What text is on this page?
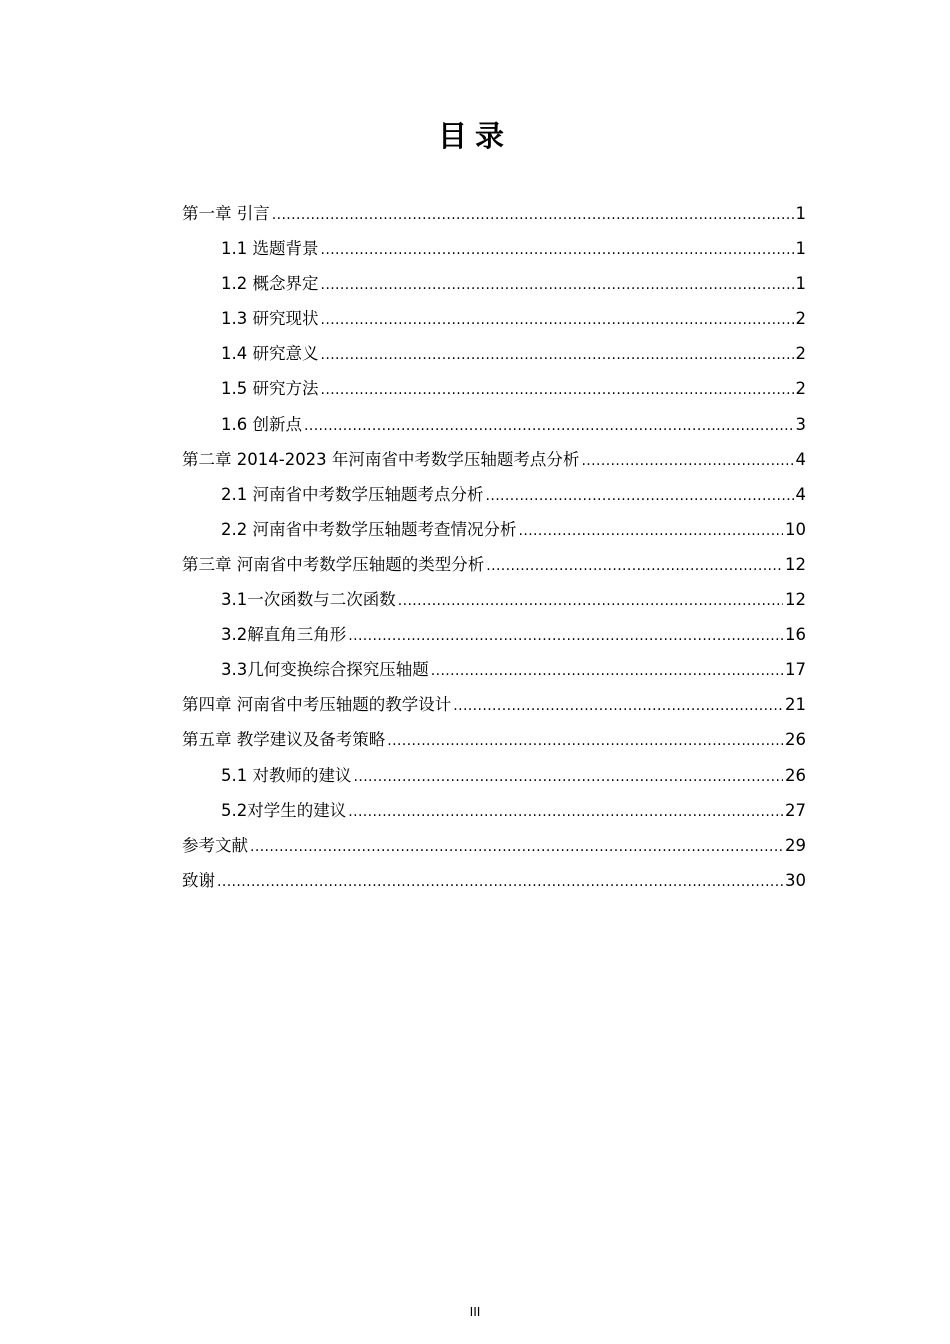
目录
第一章 引言 .....	1
1.1 选题背景 .....	1
1.2 概念界定 .....	1
1.3 研究现状 .....	2
1.4 研究意义 .....	2
1.5 研究方法 .....	2
1.6 创新点 .....	3
第二章 2014-2023 年河南省中考数学压轴题考点分析 .....	4
2.1 河南省中考数学压轴题考点分析 .....	4
2.2 河南省中考数学压轴题考查情况分析 .....	10
第三章 河南省中考数学压轴题的类型分析 .....	12
3.1一次函数与二次函数 .....	12
3.2解直角三角形 .....	16
3.3几何变换综合探究压轴题 .....	17
第四章 河南省中考压轴题的教学设计 .....	21
第五章 教学建议及备考策略 .....	26
5.1 对教师的建议 .....	26
5.2对学生的建议 .....	27
参考文献 .....	29
致谢 .....	30
III
